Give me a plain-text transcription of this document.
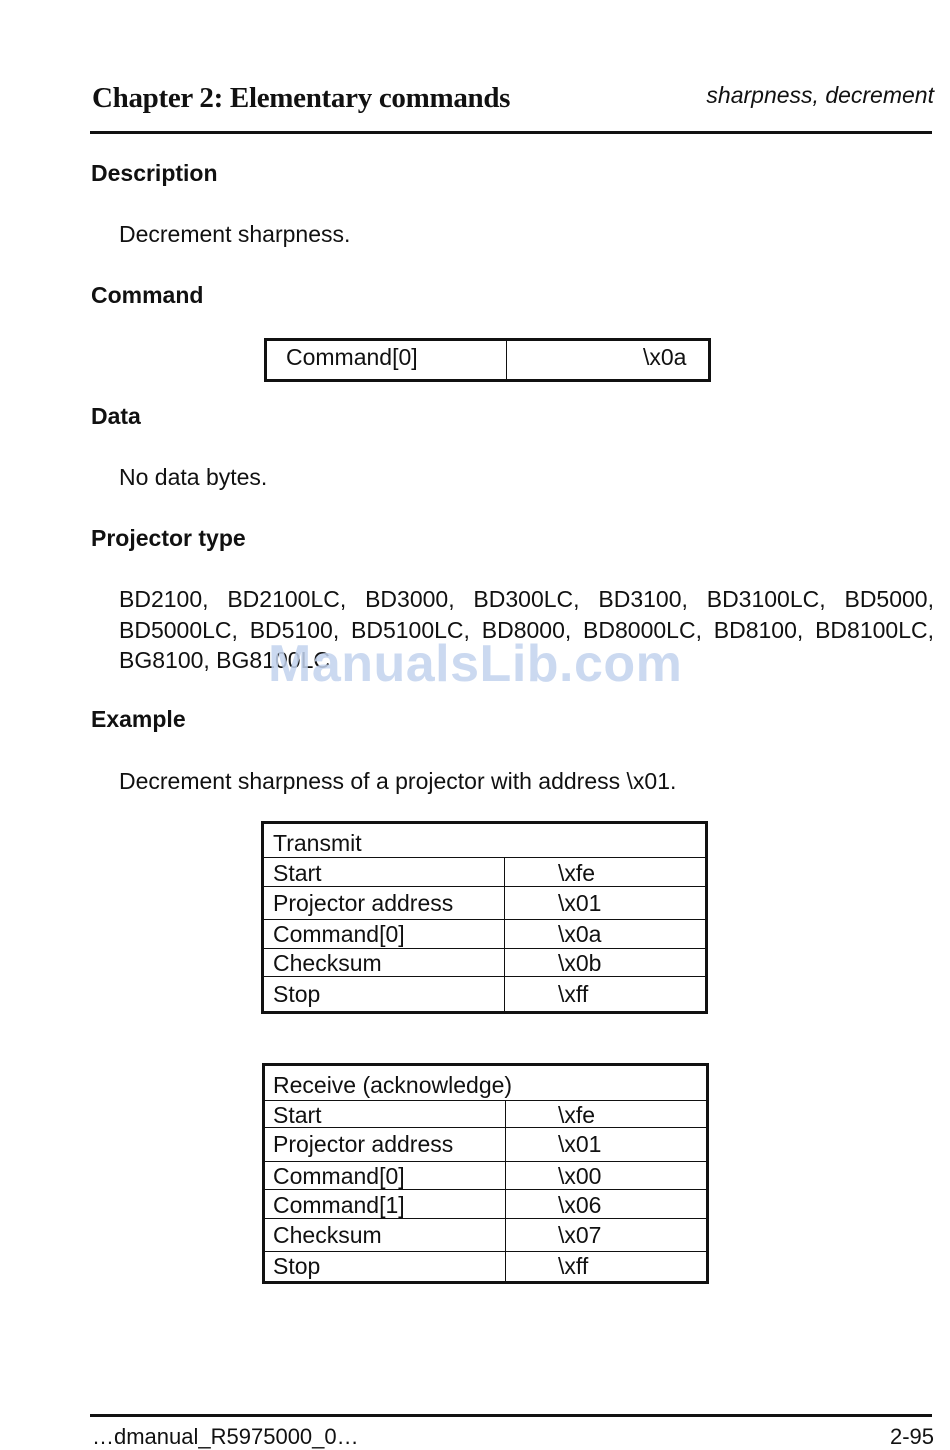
Chapter 2: Elementary commands	sharpness, decrement
Description
Decrement sharpness.
Command
Command[0]	\x0a
Data
No data bytes.
Projector type
BD2100, BD2100LC, BD3000, BD300LC, BD3100, BD3100LC, BD5000, BD5000LC, BD5100, BD5100LC, BD8000, BD8000LC, BD8100, BD8100LC, BG8100, BG8100LC
ManualsLib.com
Example
Decrement sharpness of a projector with address \x01.
Transmit
Start	\xfe
Projector address	\x01
Command[0]	\x0a
Checksum	\x0b
Stop	\xff
Receive (acknowledge)
Start	\xfe
Projector address	\x01
Command[0]	\x00
Command[1]	\x06
Checksum	\x07
Stop	\xff
…dmanual_R5975000_0…	2-95
